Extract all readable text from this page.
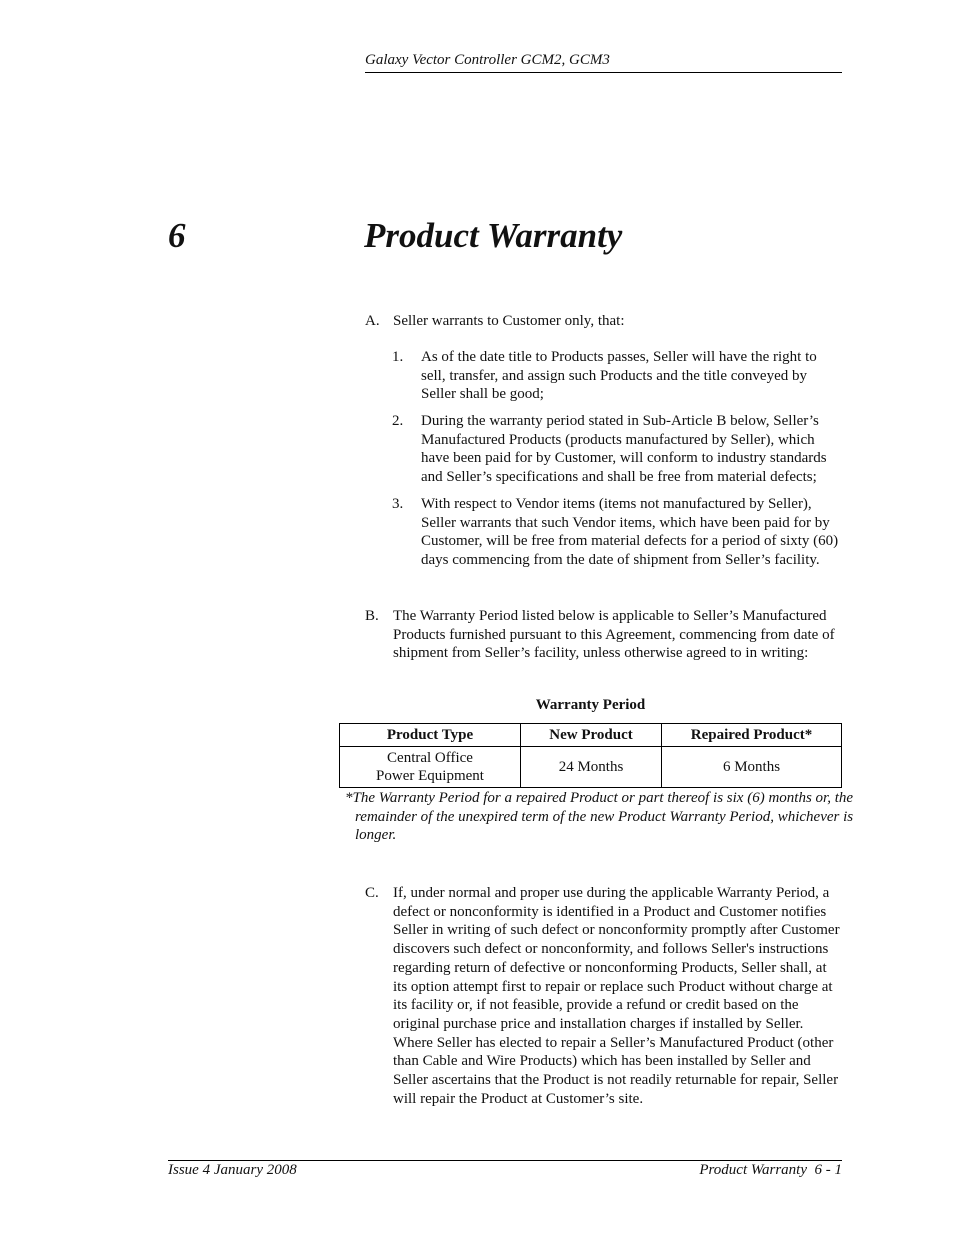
Galaxy Vector Controller GCM2, GCM3
6	Product Warranty
A. Seller warrants to Customer only, that:
1. As of the date title to Products passes, Seller will have the right to sell, transfer, and assign such Products and the title conveyed by Seller shall be good;
2. During the warranty period stated in Sub-Article B below, Seller’s Manufactured Products (products manufactured by Seller), which have been paid for by Customer, will conform to industry standards and Seller’s specifications and shall be free from material defects;
3. With respect to Vendor items (items not manufactured by Seller), Seller warrants that such Vendor items, which have been paid for by Customer, will be free from material defects for a period of sixty (60) days commencing from the date of shipment from Seller’s facility.
B. The Warranty Period listed below is applicable to Seller’s Manufactured Products furnished pursuant to this Agreement, commencing from date of shipment from Seller’s facility, unless otherwise agreed to in writing:
Warranty Period
Product Type	New Product	Repaired Product*

Central Office
Power Equipment	24 Months	6 Months
*The Warranty Period for a repaired Product or part thereof is six (6) months or, the remainder of the unexpired term of the new Product Warranty Period, whichever is longer.
C. If, under normal and proper use during the applicable Warranty Period, a defect or nonconformity is identified in a Product and Customer notifies Seller in writing of such defect or nonconformity promptly after Customer discovers such defect or nonconformity, and follows Seller's instructions regarding return of defective or nonconforming Products, Seller shall, at its option attempt first to repair or replace such Product without charge at its facility or, if not feasible, provide a refund or credit based on the original purchase price and installation charges if installed by Seller. Where Seller has elected to repair a Seller’s Manufactured Product (other than Cable and Wire Products) which has been installed by Seller and Seller ascertains that the Product is not readily returnable for repair, Seller will repair the Product at Customer’s site.
Issue 4 January 2008	Product Warranty  6 - 1
